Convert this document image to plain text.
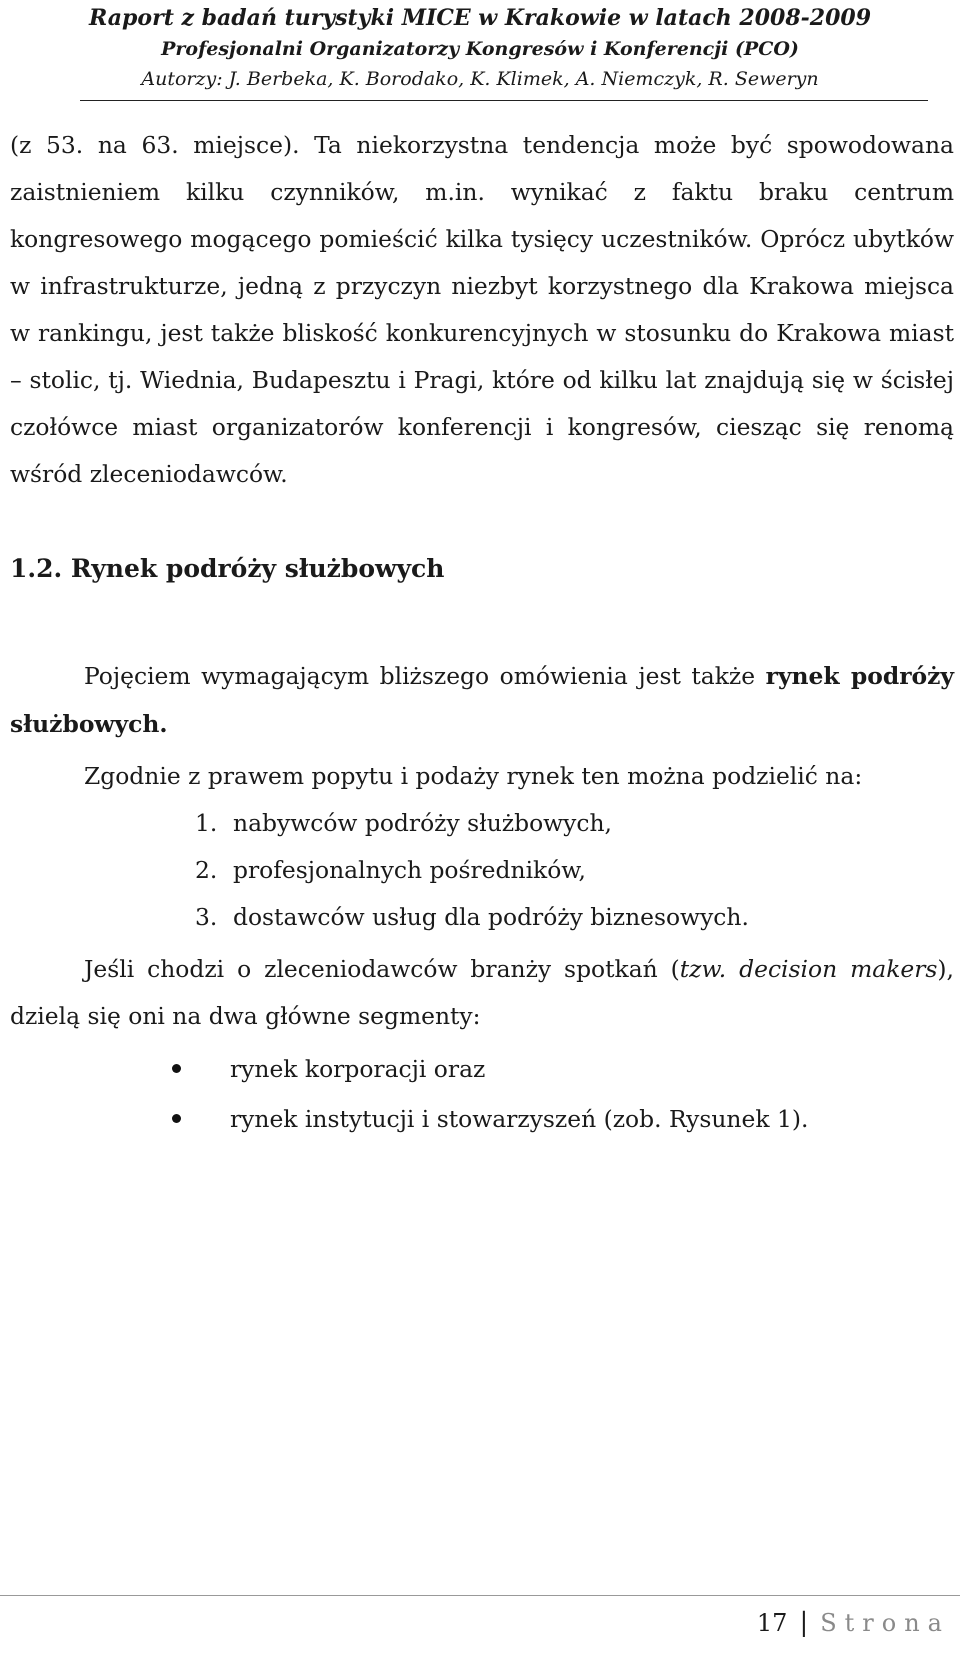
Raport z badań turystyki MICE w Krakowie w latach 2008-2009
Profesjonalni Organizatorzy Kongresów i Konferencji (PCO)
Autorzy: J. Berbeka, K. Borodako, K. Klimek, A. Niemczyk, R. Seweryn

(z 53. na 63. miejsce). Ta niekorzystna tendencja może być spowodowana zaistnieniem kilku czynników, m.in. wynikać z faktu braku centrum kongresowego mogącego pomieścić kilka tysięcy uczestników. Oprócz ubytków w infrastrukturze, jedną z przyczyn niezbyt korzystnego dla Krakowa miejsca w rankingu, jest także bliskość konkurencyjnych w stosunku do Krakowa miast – stolic, tj. Wiednia, Budapesztu i Pragi, które od kilku lat znajdują się w ścisłej czołówce miast organizatorów konferencji i kongresów, ciesząc się renomą wśród zleceniodawców.

1.2. Rynek podróży służbowych

Pojęciem wymagającym bliższego omówienia jest także rynek podróży służbowych.

Zgodnie z prawem popytu i podaży rynek ten można podzielić na:

1. nabywców podróży służbowych,
2. profesjonalnych pośredników,
3. dostawców usług dla podróży biznesowych.

Jeśli chodzi o zleceniodawców branży spotkań (tzw. decision makers), dzielą się oni na dwa główne segmenty:

rynek korporacji oraz
rynek instytucji i stowarzyszeń (zob. Rysunek 1).
17 | Strona
